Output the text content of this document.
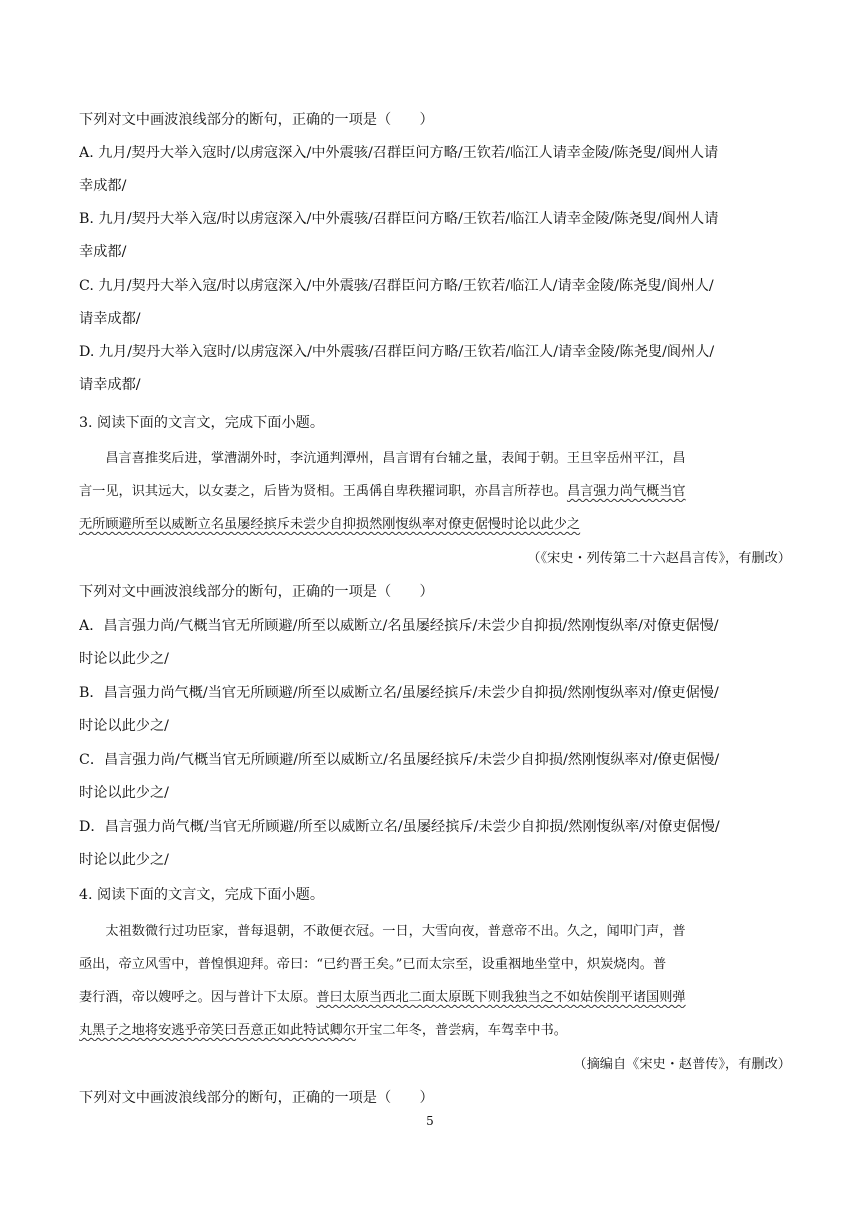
下列对文中画波浪线部分的断句，正确的一项是（　　）
A. 九月/契丹大举入寇时/以虏寇深入/中外震骇/召群臣问方略/王钦若/临江人请幸金陵/陈尧叟/阆州人请
幸成都/
B. 九月/契丹大举入寇/时以虏寇深入/中外震骇/召群臣问方略/王钦若/临江人请幸金陵/陈尧叟/阆州人请
幸成都/
C. 九月/契丹大举入寇/时以虏寇深入/中外震骇/召群臣问方略/王钦若/临江人/请幸金陵/陈尧叟/阆州人/
请幸成都/
D. 九月/契丹大举入寇时/以虏寇深入/中外震骇/召群臣问方略/王钦若/临江人/请幸金陵/陈尧叟/阆州人/
请幸成都/
3. 阅读下面的文言文，完成下面小题。
　　昌言喜推奖后进，掌漕湖外时，李沆通判潭州，昌言谓有台辅之量，表闻于朝。王旦宰岳州平江，昌
言一见，识其远大，以女妻之，后皆为贤相。王禹偁自卑秩擢词职，亦昌言所荐也。昌言强力尚气概当官
无所顾避所至以威断立名虽屡经摈斥未尝少自抑损然刚愎纵率对僚吏倨慢时论以此少之
（《宋史・列传第二十六赵昌言传》，有删改）
下列对文中画波浪线部分的断句，正确的一项是（　　）
A．昌言强力尚/气概当官无所顾避/所至以威断立/名虽屡经摈斥/未尝少自抑损/然刚愎纵率/对僚吏倨慢/
时论以此少之/
B．昌言强力尚气概/当官无所顾避/所至以威断立名/虽屡经摈斥/未尝少自抑损/然刚愎纵率对/僚吏倨慢/
时论以此少之/
C．昌言强力尚/气概当官无所顾避/所至以威断立/名虽屡经摈斥/未尝少自抑损/然刚愎纵率对/僚吏倨慢/
时论以此少之/
D．昌言强力尚气概/当官无所顾避/所至以威断立名/虽屡经摈斥/未尝少自抑损/然刚愎纵率/对僚吏倨慢/
时论以此少之/
4. 阅读下面的文言文，完成下面小题。
　　太祖数微行过功臣家，普每退朝，不敢便衣冠。一日，大雪向夜，普意帝不出。久之，闻叩门声，普
亟出，帝立风雪中，普惶惧迎拜。帝曰：“已约晋王矣。”已而太宗至，设重裀地坐堂中，炽炭烧肉。普
妻行酒，帝以嫂呼之。因与普计下太原。普曰太原当西北二面太原既下则我独当之不如姑俟削平诸国则弹
丸黑子之地将安逃乎帝笑曰吾意正如此特试卿尔开宝二年冬，普尝病，车驾幸中书。
（摘编自《宋史・赵普传》，有删改）
下列对文中画波浪线部分的断句，正确的一项是（　　）
5
